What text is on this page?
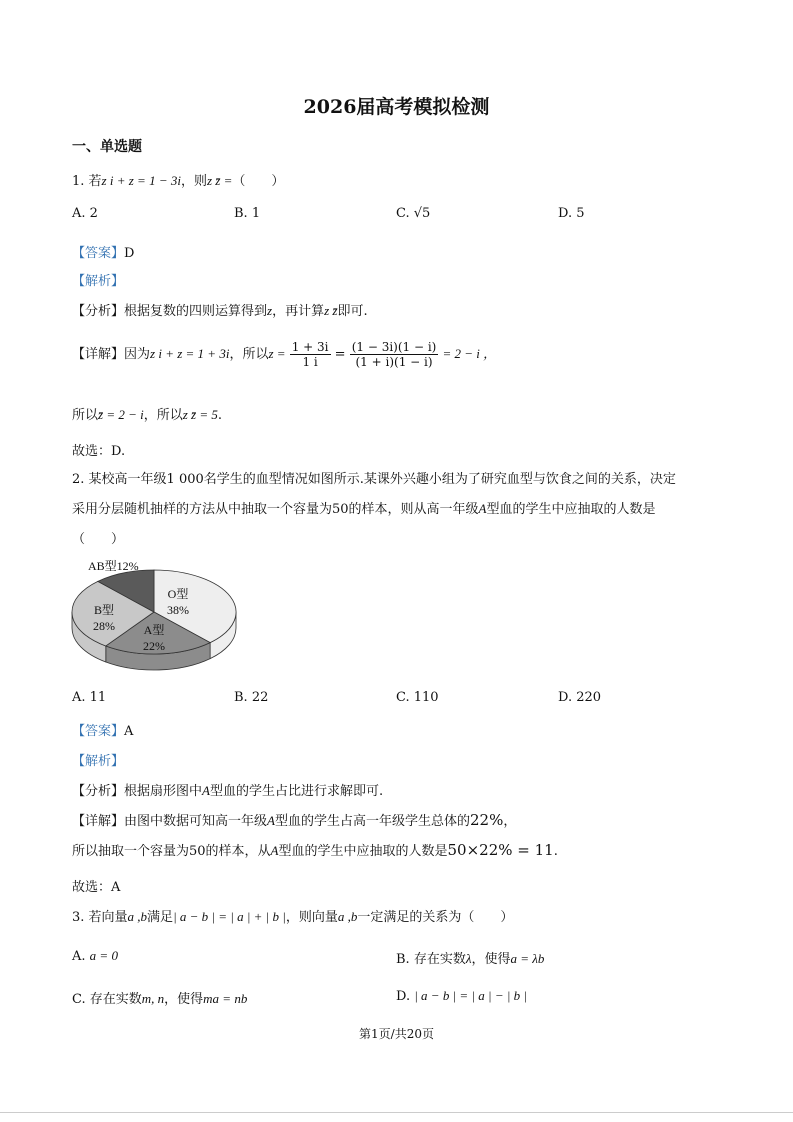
2026届高考模拟检测
一、单选题
1. 若z i + z = 1 − 3i，则z z̄ =（　　）
A. 2	B. 1	C. √5	D. 5
【答案】D
【解析】
【分析】根据复数的四则运算得到z，再计算z z̄即可.
【详解】因为z i + z = 1 + 3i，所以$z = \frac{1 + 3i}{1 i} = \frac{(1 - 3i)(1 - i)}{(1 + i)(1 - i)} = 2 - i$ ，
所以z̄ = 2 − i，所以z z̄ = 5.
故选：D.
2. 某校高一年级1 000名学生的血型情况如图所示.某课外兴趣小组为了研究血型与饮食之间的关系，决定
采用分层随机抽样的方法从中抽取一个容量为50的样本，则从高一年级A型血的学生中应抽取的人数是
（　　）
AB型12%
O型
38%
B型
28% A型
22%
A. 11	B. 22	C. 110	D. 220
【答案】A
【解析】
【分析】根据扇形图中A型血的学生占比进行求解即可.
【详解】由图中数据可知高一年级A型血的学生占高一年级学生总体的22%，
所以抽取一个容量为50的样本，从A型血的学生中应抽取的人数是50×22% = 11.
故选：A
3. 若向量a ,b满足| a − b | = | a | + | b |，则向量a ,b一定满足的关系为（　　）
A. a = 0	B. 存在实数λ，使得a = λb
C. 存在实数m, n，使得ma = nb	D. | a − b | = | a | − | b |
第1页/共20页
